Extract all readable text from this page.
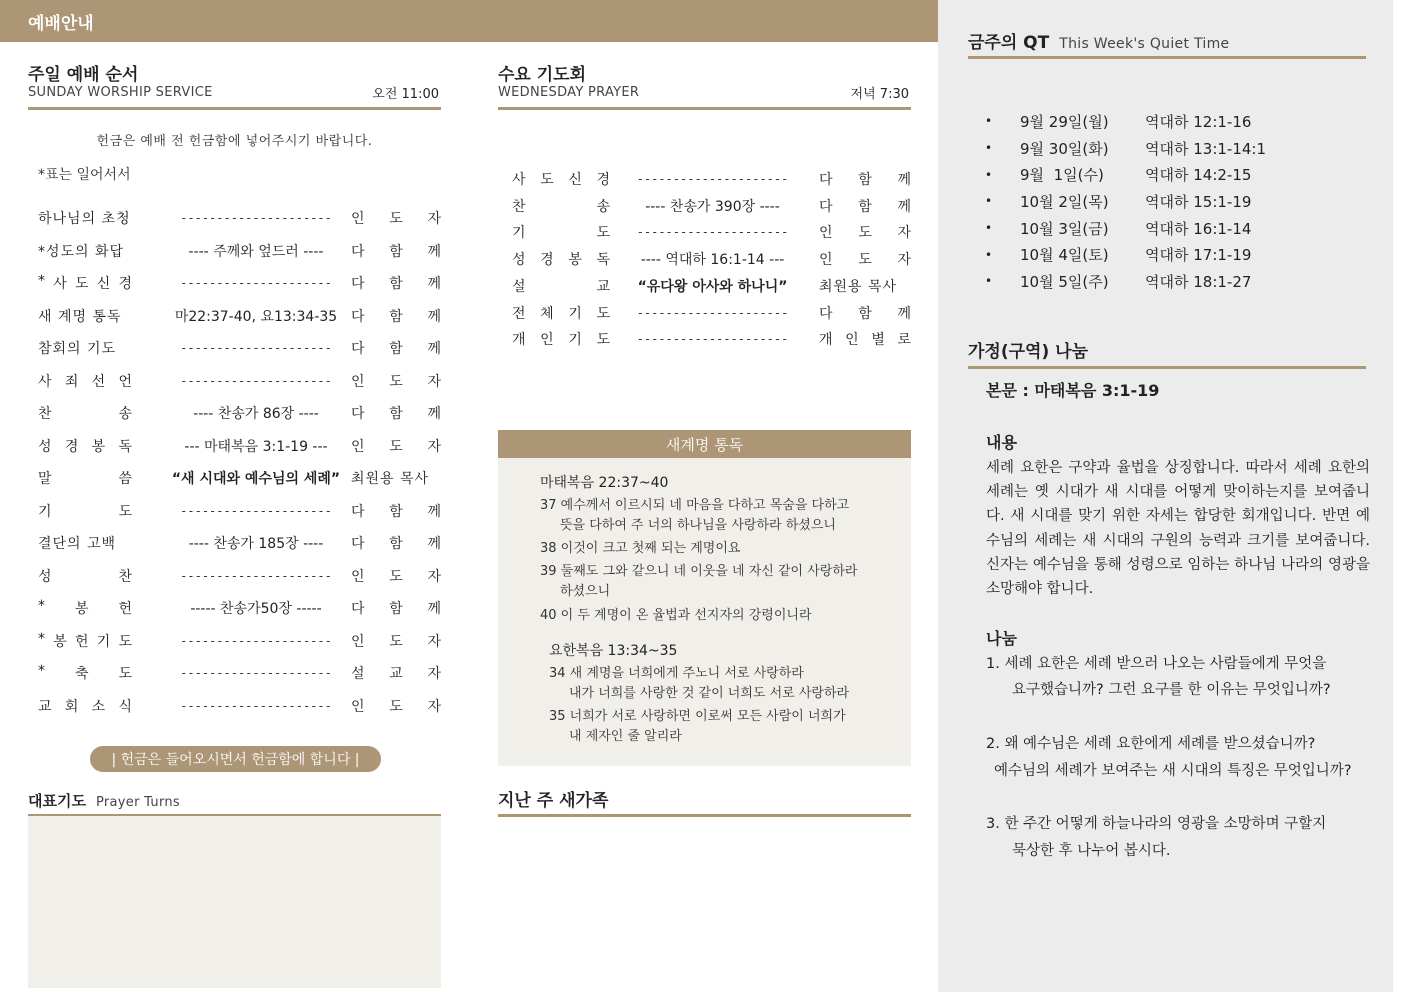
예배안내
주일 예배 순서
SUNDAY WORSHIP SERVICE	오전 11:00
헌금은 예배 전 헌금함에 넣어주시기 바랍니다.
*표는 일어서서
하나님의 초청	---------------------	인 도 자
*성도의 화답	---- 주께와 엎드러 ----	다 함 께
* 사 도 신 경	---------------------	다 함 께
새 계명 통독	마22:37-40, 요13:34-35 다 함 께
참회의 기도	---------------------	다 함 께
사 죄 선 언	---------------------	인 도 자
찬	송	---- 찬송가 86장 ----	다 함 께
성 경 봉 독	--- 마태복음 3:1-19 ---	인 도 자
말	씀	“새 시대와 예수님의 세례” 최원용 목사
기	도	---------------------	다 함 께
결단의 고백	---- 찬송가 185장 ----	다 함 께
성	찬	---------------------	인 도 자
* 봉 헌	----- 찬송가50장 -----	다 함 께
* 봉 헌 기 도	---------------------	인 도 자
* 축 도	---------------------	설 교 자
교 회 소 식	---------------------	인 도 자
| 헌금은 들어오시면서 헌금함에 합니다 |
대표기도 Prayer Turns
수요 기도회
WEDNESDAY PRAYER	저녁 7:30
사 도 신 경	---------------------	다 함 께
찬	송	---- 찬송가 390장 ----	다 함 께
기	도	---------------------	인 도 자
성 경 봉 독	---- 역대하 16:1-14 ---	인 도 자
설	교	“유다왕 아사와 하나니”	최원용 목사
전 체 기 도	---------------------	다 함 께
개 인 기 도	---------------------	개 인 별 로
새계명 통독
마태복음 22:37~40
37 예수께서 이르시되 네 마음을 다하고 목숨을 다하고
뜻을 다하여 주 너의 하나님을 사랑하라 하셨으니
38 이것이 크고 첫째 되는 계명이요
39 둘째도 그와 같으니 네 이웃을 네 자신 같이 사랑하라
하셨으니
40 이 두 계명이 온 율법과 선지자의 강령이니라
요한복음 13:34~35
34 새 계명을 너희에게 주노니 서로 사랑하라
내가 너희를 사랑한 것 같이 너희도 서로 사랑하라
35 너희가 서로 사랑하면 이로써 모든 사람이 너희가
내 제자인 줄 알리라
지난 주 새가족
금주의 QT This Week's Quiet Time
•	9월 29일(월)	역대하 12:1-16
•	9월 30일(화)	역대하 13:1-14:1
•	9월  1일(수)	역대하 14:2-15
•	10월 2일(목)	역대하 15:1-19
•	10월 3일(금)	역대하 16:1-14
•	10월 4일(토)	역대하 17:1-19
•	10월 5일(주)	역대하 18:1-27
가정(구역) 나눔
본문 : 마태복음 3:1-19
내용
세례 요한은 구약과 율법을 상징합니다. 따라서 세례 요한의 세례는 옛 시대가 새 시대를 어떻게 맞이하는지를 보여줍니다. 새 시대를 맞기 위한 자세는 합당한 회개입니다. 반면 예수님의 세례는 새 시대의 구원의 능력과 크기를 보여줍니다. 신자는 예수님을 통해 성령으로 임하는 하나님 나라의 영광을 소망해야 합니다.
나눔
1. 세례 요한은 세례 받으러 나오는 사람들에게 무엇을
요구했습니까? 그런 요구를 한 이유는 무엇입니까?
2. 왜 예수님은 세례 요한에게 세례를 받으셨습니까?
예수님의 세례가 보여주는 새 시대의 특징은 무엇입니까?
3. 한 주간 어떻게 하늘나라의 영광을 소망하며 구할지
묵상한 후 나누어 봅시다.
